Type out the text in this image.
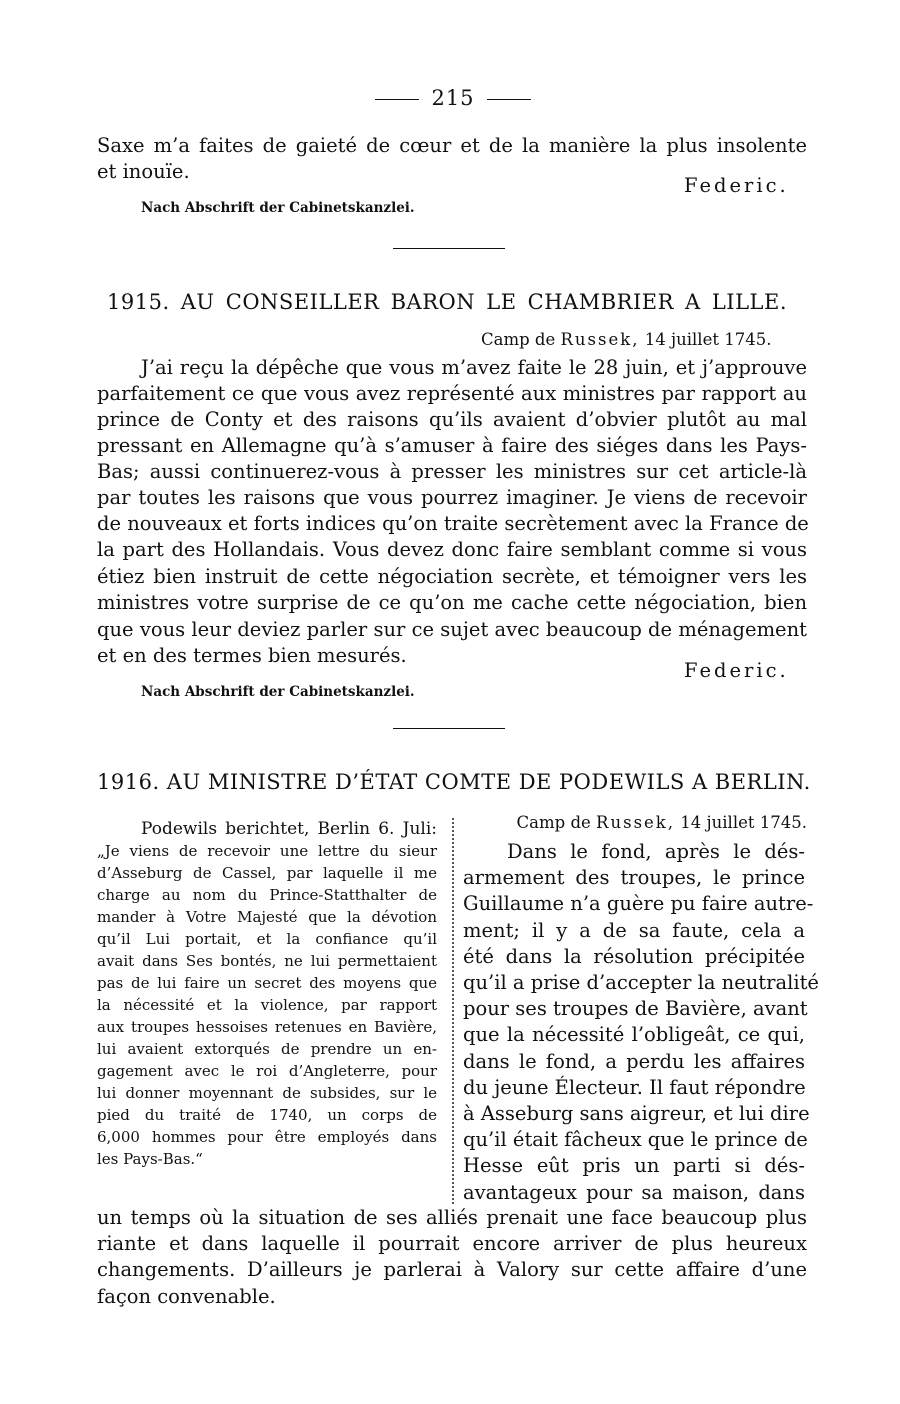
215
Saxe m’a faites de gaieté de cœur et de la manière la plus insolente
et inouïe.
Federic.
Nach Abschrift der Cabinetskanzlei.
1915. AU CONSEILLER BARON LE CHAMBRIER A LILLE.
Camp de Russek, 14 juillet 1745.
J’ai reçu la dépêche que vous m’avez faite le 28 juin, et j’approuve
parfaitement ce que vous avez représenté aux ministres par rapport au
prince de Conty et des raisons qu’ils avaient d’obvier plutôt au mal
pressant en Allemagne qu’à s’amuser à faire des siéges dans les Pays-
Bas; aussi continuerez-vous à presser les ministres sur cet article-là
par toutes les raisons que vous pourrez imaginer. Je viens de recevoir
de nouveaux et forts indices qu’on traite secrètement avec la France de
la part des Hollandais. Vous devez donc faire semblant comme si vous
étiez bien instruit de cette négociation secrète, et témoigner vers les
ministres votre surprise de ce qu’on me cache cette négociation, bien
que vous leur deviez parler sur ce sujet avec beaucoup de ménagement
et en des termes bien mesurés.
Federic.
Nach Abschrift der Cabinetskanzlei.
1916. AU MINISTRE D’ÉTAT COMTE DE PODEWILS A BERLIN.
Podewils berichtet, Berlin 6. Juli:
„Je viens de recevoir une lettre du sieur
d’Asseburg de Cassel, par laquelle il me
charge au nom du Prince-Statthalter de
mander à Votre Majesté que la dévotion
qu’il Lui portait, et la confiance qu’il
avait dans Ses bontés, ne lui permettaient
pas de lui faire un secret des moyens que
la nécessité et la violence, par rapport
aux troupes hessoises retenues en Bavière,
lui avaient extorqués de prendre un en-
gagement avec le roi d’Angleterre, pour
lui donner moyennant de subsides, sur le
pied du traité de 1740, un corps de
6,000 hommes pour être employés dans
les Pays-Bas.“
Camp de Russek, 14 juillet 1745.
Dans le fond, après le dés-
armement des troupes, le prince
Guillaume n’a guère pu faire autre-
ment; il y a de sa faute, cela a
été dans la résolution précipitée
qu’il a prise d’accepter la neutralité
pour ses troupes de Bavière, avant
que la nécessité l’obligeât, ce qui,
dans le fond, a perdu les affaires
du jeune Électeur. Il faut répondre
à Asseburg sans aigreur, et lui dire
qu’il était fâcheux que le prince de
Hesse eût pris un parti si dés-
avantageux pour sa maison, dans
un temps où la situation de ses alliés prenait une face beaucoup plus
riante et dans laquelle il pourrait encore arriver de plus heureux
changements. D’ailleurs je parlerai à Valory sur cette affaire d’une
façon convenable.
